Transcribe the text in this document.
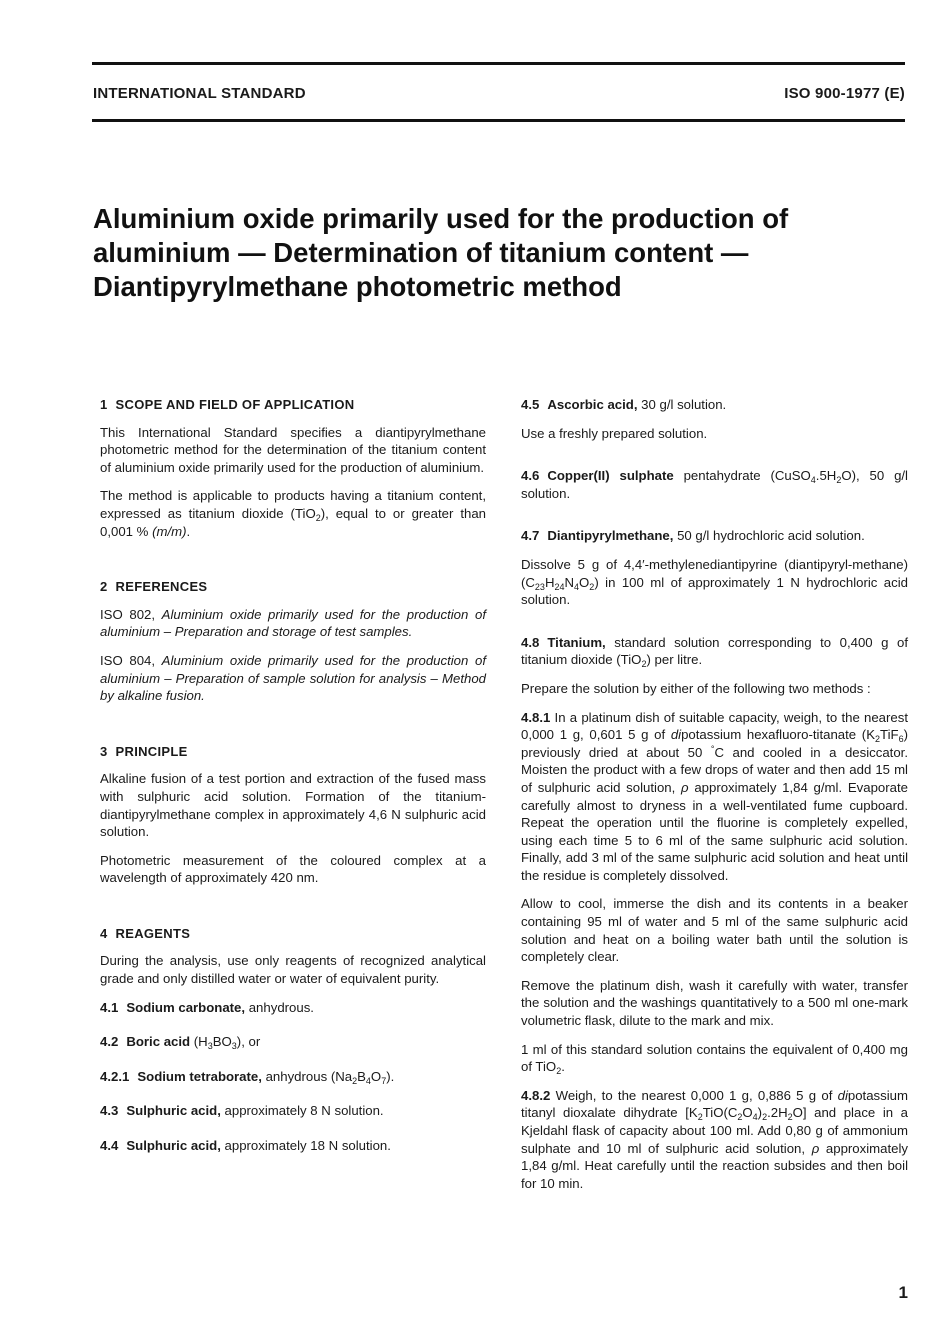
INTERNATIONAL STANDARD	ISO 900-1977 (E)
Aluminium oxide primarily used for the production of aluminium — Determination of titanium content — Diantipyrylmethane photometric method
1 SCOPE AND FIELD OF APPLICATION

This International Standard specifies a diantipyrylmethane photometric method for the determination of the titanium content of aluminium oxide primarily used for the production of aluminium.

The method is applicable to products having a titanium content, expressed as titanium dioxide (TiO$_2$), equal to or greater than 0,001 % (m/m).

2 REFERENCES

ISO 802, Aluminium oxide primarily used for the production of aluminium – Preparation and storage of test samples.

ISO 804, Aluminium oxide primarily used for the production of aluminium – Preparation of sample solution for analysis – Method by alkaline fusion.

3 PRINCIPLE

Alkaline fusion of a test portion and extraction of the fused mass with sulphuric acid solution. Formation of the titanium-diantipyrylmethane complex in approximately 4,6 N sulphuric acid solution.

Photometric measurement of the coloured complex at a wavelength of approximately 420 nm.

4 REAGENTS

During the analysis, use only reagents of recognized analytical grade and only distilled water or water of equivalent purity.

4.1 Sodium carbonate, anhydrous.

4.2 Boric acid $(H_3BO_3)$, or

4.2.1 Sodium tetraborate, anhydrous $(Na_2B_4O_7)$.

4.3 Sulphuric acid, approximately 8 N solution.

4.4 Sulphuric acid, approximately 18 N solution.

4.5 Ascorbic acid, 30 g/l solution.

Use a freshly prepared solution.

4.6 Copper(II) sulphate pentahydrate $(CuSO_4.5H_2O)$, 50 g/l solution.

4.7 Diantipyrylmethane, 50 g/l hydrochloric acid solution.

Dissolve 5 g of 4,4′-methylenediantipyrine (diantipyryl-methane) $(C_{23}H_{24}N_4O_2)$ in 100 ml of approximately 1 N hydrochloric acid solution.

4.8 Titanium, standard solution corresponding to 0,400 g of titanium dioxide (TiO$_2$) per litre.

Prepare the solution by either of the following two methods :

4.8.1 In a platinum dish of suitable capacity, weigh, to the nearest 0,000 1 g, 0,601 5 g of dipotassium hexafluoro-titanate $(K_2TiF_6)$ previously dried at about 50 °C and cooled in a desiccator. Moisten the product with a few drops of water and then add 15 ml of sulphuric acid solution, ρ approximately 1,84 g/ml. Evaporate carefully almost to dryness in a well-ventilated fume cupboard. Repeat the operation until the fluorine is completely expelled, using each time 5 to 6 ml of the same sulphuric acid solution. Finally, add 3 ml of the same sulphuric acid solution and heat until the residue is completely dissolved.

Allow to cool, immerse the dish and its contents in a beaker containing 95 ml of water and 5 ml of the same sulphuric acid solution and heat on a boiling water bath until the solution is completely clear.

Remove the platinum dish, wash it carefully with water, transfer the solution and the washings quantitatively to a 500 ml one-mark volumetric flask, dilute to the mark and mix.

1 ml of this standard solution contains the equivalent of 0,400 mg of TiO$_2$.

4.8.2 Weigh, to the nearest 0,000 1 g, 0,886 5 g of dipotassium titanyl dioxalate dihydrate $[K_2TiO(C_2O_4)_2.2H_2O]$ and place in a Kjeldahl flask of capacity about 100 ml. Add 0,80 g of ammonium sulphate and 10 ml of sulphuric acid solution, ρ approximately 1,84 g/ml. Heat carefully until the reaction subsides and then boil for 10 min.

1
